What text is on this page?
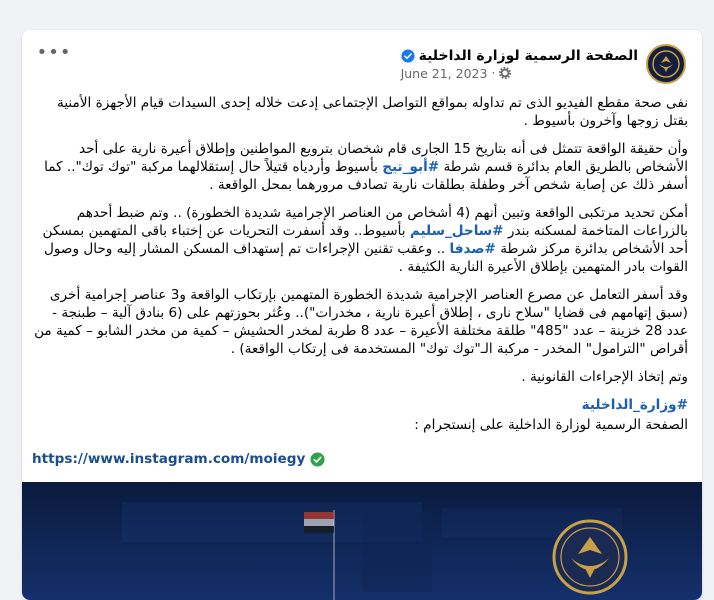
•••	الصفحة الرسمية لوزارة الداخلية
June 21, 2023 ·

نفى صحة مقطع الفيديو الذى تم تداوله بمواقع التواصل الإجتماعى إدعت خلاله إحدى السيدات قيام الأجهزة الأمنية بقتل زوجها وآخرون بأسيوط .

وأن حقيقة الواقعة تتمثل فى أنه بتاريخ 15 الجارى قام شخصان بترويع المواطنين وإطلاق أعيرة نارية على أحد الأشخاص بالطريق العام بدائرة قسم شرطة #أبو_تيج بأسيوط وأردياه قتيلاً حال إستقلالهما مركبة "توك توك".. كما أسفر ذلك عن إصابة شخص آخر وطفلة بطلقات نارية تصادف مرورهما بمحل الواقعة .

أمكن تحديد مرتكبى الواقعة وتبين أنهم (4 أشخاص من العناصر الإجرامية شديدة الخطورة) .. وتم ضبط أحدهم بالزراعات المتاخمة لمسكنه بندر #ساحل_سليم بأسيوط.. وقد أسفرت التحريات عن إختباء باقى المتهمين بمسكن أحد الأشخاص بدائرة مركز شرطة #صدفا .. وعقب تقنين الإجراءات تم إستهداف المسكن المشار إليه وحال وصول القوات بادر المتهمين بإطلاق الأعيرة النارية الكثيفة .

وقد أسفر التعامل عن مصرع العناصر الإجرامية شديدة الخطورة المتهمين بإرتكاب الواقعة و3 عناصر إجرامية أخرى (سبق إتهامهم فى قضايا "سلاح نارى ، إطلاق أعيرة نارية ، مخدرات").. وعُثر بحوزتهم على (6 بنادق آلية – طبنجة - عدد 28 خزينة – عدد "485" طلقة مختلفة الأعيرة – عدد 8 طربة لمخدر الحشيش – كمية من مخدر الشابو – كمية من أقراص "الترامول" المخدر - مركبة الـ"توك توك" المستخدمة فى إرتكاب الواقعة) .

وتم إتخاذ الإجراءات القانونية .

#وزارة_الداخلية

الصفحة الرسمية لوزارة الداخلية على إنستجرام :

https://www.instagram.com/moiegy
